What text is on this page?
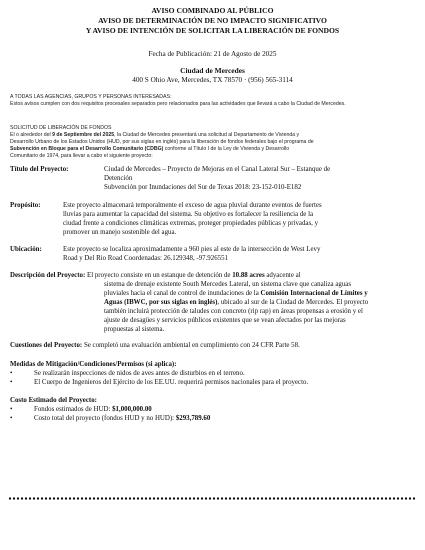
AVISO COMBINADO AL PÚBLICO
AVISO DE DETERMINACIÓN DE NO IMPACTO SIGNIFICATIVO
Y AVISO DE INTENCIÓN DE SOLICITAR LA LIBERACIÓN DE FONDOS
Fecha de Publicación: 21 de Agosto de 2025
Ciudad de Mercedes
400 S Ohio Ave, Mercedes, TX 78570 · (956) 565-3114
A TODAS LAS AGENCIAS, GRUPOS Y PERSONAS INTERESADAS:
Estos avisos cumplen con dos requisitos procesales separados pero relacionados para las actividades que llevará a cabo la Ciudad de Mercedes.
SOLICITUD DE LIBERACIÓN DE FONDOS
El o alrededor del 9 de Septiembre del 2025, la Ciudad de Mercedes presentará una solicitud al Departamento de Vivienda y
Desarrollo Urbano de los Estados Unidos (HUD, por sus siglas en inglés) para la liberación de fondos federales bajo el programa de
Subvención en Bloque para el Desarrollo Comunitario (CDBG) conforme al Título I de la Ley de Vivienda y Desarrollo
Comunitario de 1974, para llevar a cabo el siguiente proyecto:
Título del Proyecto:	Ciudad de Mercedes – Proyecto de Mejoras en el Canal Lateral Sur – Estanque de
Detención
Subvención por Inundaciones del Sur de Texas 2018: 23-152-010-E182
Propósito:	Este proyecto almacenará temporalmente el exceso de agua pluvial durante eventos de fuertes
lluvias para aumentar la capacidad del sistema. Su objetivo es fortalecer la resiliencia de la
ciudad frente a condiciones climáticas extremas, proteger propiedades públicas y privadas, y
promover un manejo sostenible del agua.
Ubicación:	Este proyecto se localiza aproximadamente a 960 pies al este de la intersección de West Levy
Road y Del Rio Road Coordenadas: 26.129348, -97.926551
Descripción del Proyecto: El proyecto consiste en un estanque de detención de 10.88 acres adyacente al
sistema de drenaje existente South Mercedes Lateral, un sistema clave que canaliza aguas
pluviales hacia el canal de control de inundaciones de la Comisión Internacional de Límites y
Aguas (IBWC, por sus siglas en inglés), ubicado al sur de la Ciudad de Mercedes. El proyecto
también incluirá protección de taludes con concreto (rip rap) en áreas propensas a erosión y el
ajuste de desagües y servicios públicos existentes que se vean afectados por las mejoras
propuestas al sistema.
Cuestiones del Proyecto: Se completó una evaluación ambiental en cumplimiento con 24 CFR Parte 58.
Medidas de Mitigación/Condiciones/Permisos (si aplica):
•	Se realizarán inspecciones de nidos de aves antes de disturbios en el terreno.
•	El Cuerpo de Ingenieros del Ejército de los EE.UU. requerirá permisos nacionales para el proyecto.
Costo Estimado del Proyecto:
•	Fondos estimados de HUD: $1,000,000.00
•	Costo total del proyecto (fondos HUD y no HUD): $293,789.60
